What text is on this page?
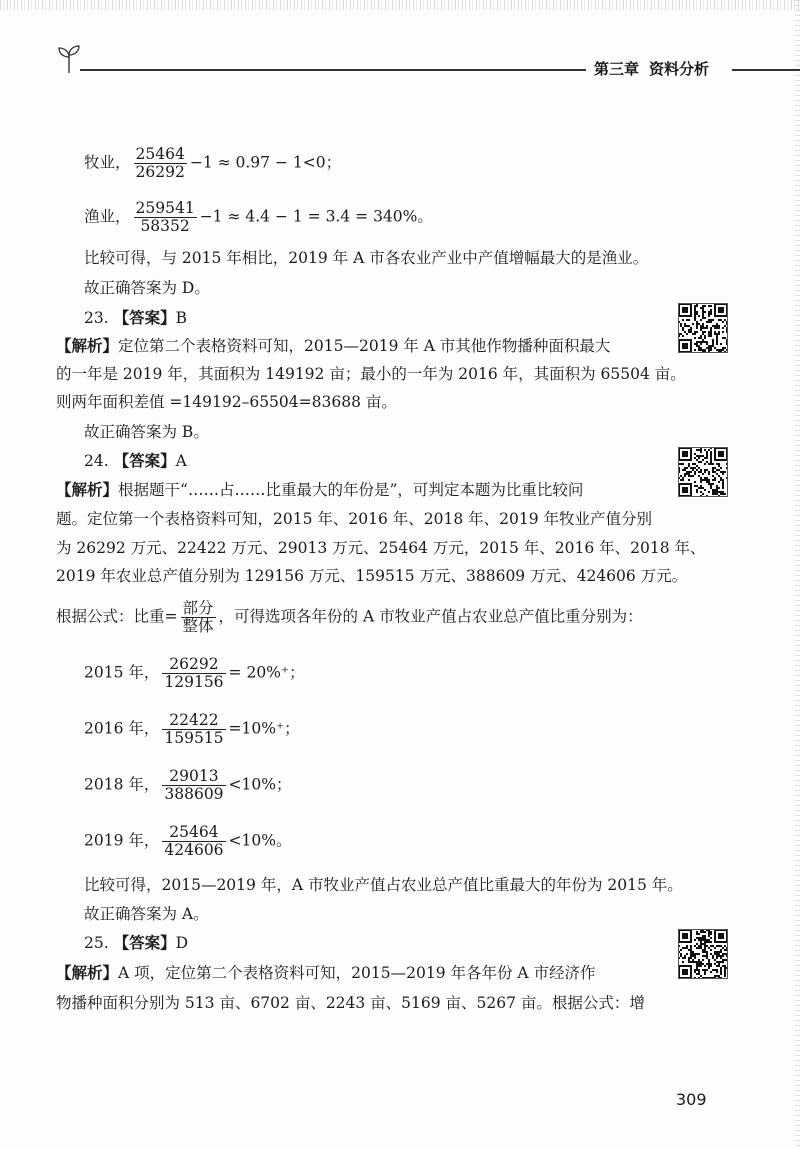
第三章 资料分析
牧业， $\frac{25464}{26292} -1 \approx 0.97 - 1<0$；
渔业， $\frac{259541}{58352} -1 \approx 4.4 - 1 = 3.4 = 340\%$。
比较可得，与 2015 年相比，2019 年 A 市各农业产业中产值增幅最大的是渔业。
故正确答案为 D。
23. 【答案】B
【解析】定位第二个表格资料可知，2015—2019 年 A 市其他作物播种面积最大
的一年是 2019 年，其面积为 149192 亩；最小的一年为 2016 年，其面积为 65504 亩。
则两年面积差值 =149192–65504=83688 亩。
故正确答案为 B。
24. 【答案】A
【解析】根据题干“……占……比重最大的年份是”，可判定本题为比重比较问
题。定位第一个表格资料可知，2015 年、2016 年、2018 年、2019 年牧业产值分别
为 26292 万元、22422 万元、29013 万元、25464 万元，2015 年、2016 年、2018 年、
2019 年农业总产值分别为 129156 万元、159515 万元、388609 万元、424606 万元。
根据公式：比重= $\frac{\text{部分}}{\text{整体}}$ ，可得选项各年份的 A 市牧业产值占农业总产值比重分别为：
2015 年， $\frac{26292}{129156} = 20\%^+$；
2016 年， $\frac{22422}{159515} =10\%^+$；
2018 年， $\frac{29013}{388609} <10\%$；
2019 年， $\frac{25464}{424606} <10\%$。
比较可得，2015—2019 年，A 市牧业产值占农业总产值比重最大的年份为 2015 年。
故正确答案为 A。
25. 【答案】D
【解析】A 项，定位第二个表格资料可知，2015—2019 年各年份 A 市经济作
物播种面积分别为 513 亩、6702 亩、2243 亩、5169 亩、5267 亩。根据公式：增
309
